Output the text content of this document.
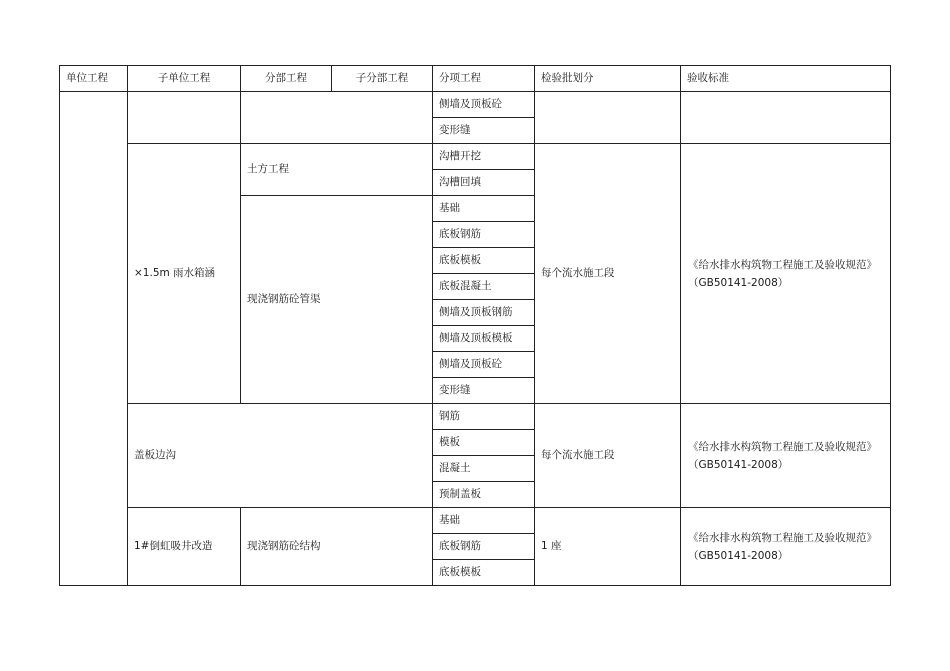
单位工程	子单位工程	分部工程	子分部工程	分项工程	检验批划分	验收标准
				侧墙及顶板砼		
				变形缝		
	×1.5m 雨水箱涵	土方工程		沟槽开挖	每个流水施工段	《给水排水构筑物工程施工及验收规范》（GB50141-2008）
				沟槽回填		
		现浇钢筋砼管渠		基础		
				底板钢筋		
				底板模板		
				底板混凝土		
				侧墙及顶板钢筋		
				侧墙及顶板模板		
				侧墙及顶板砼		
				变形缝		
	盖板边沟			钢筋	每个流水施工段	《给水排水构筑物工程施工及验收规范》（GB50141-2008）
				模板		
				混凝土		
				预制盖板		
	1#倒虹吸井改造	现浇钢筋砼结构		基础	1 座	《给水排水构筑物工程施工及验收规范》（GB50141-2008）
				底板钢筋		
				底板模板		
